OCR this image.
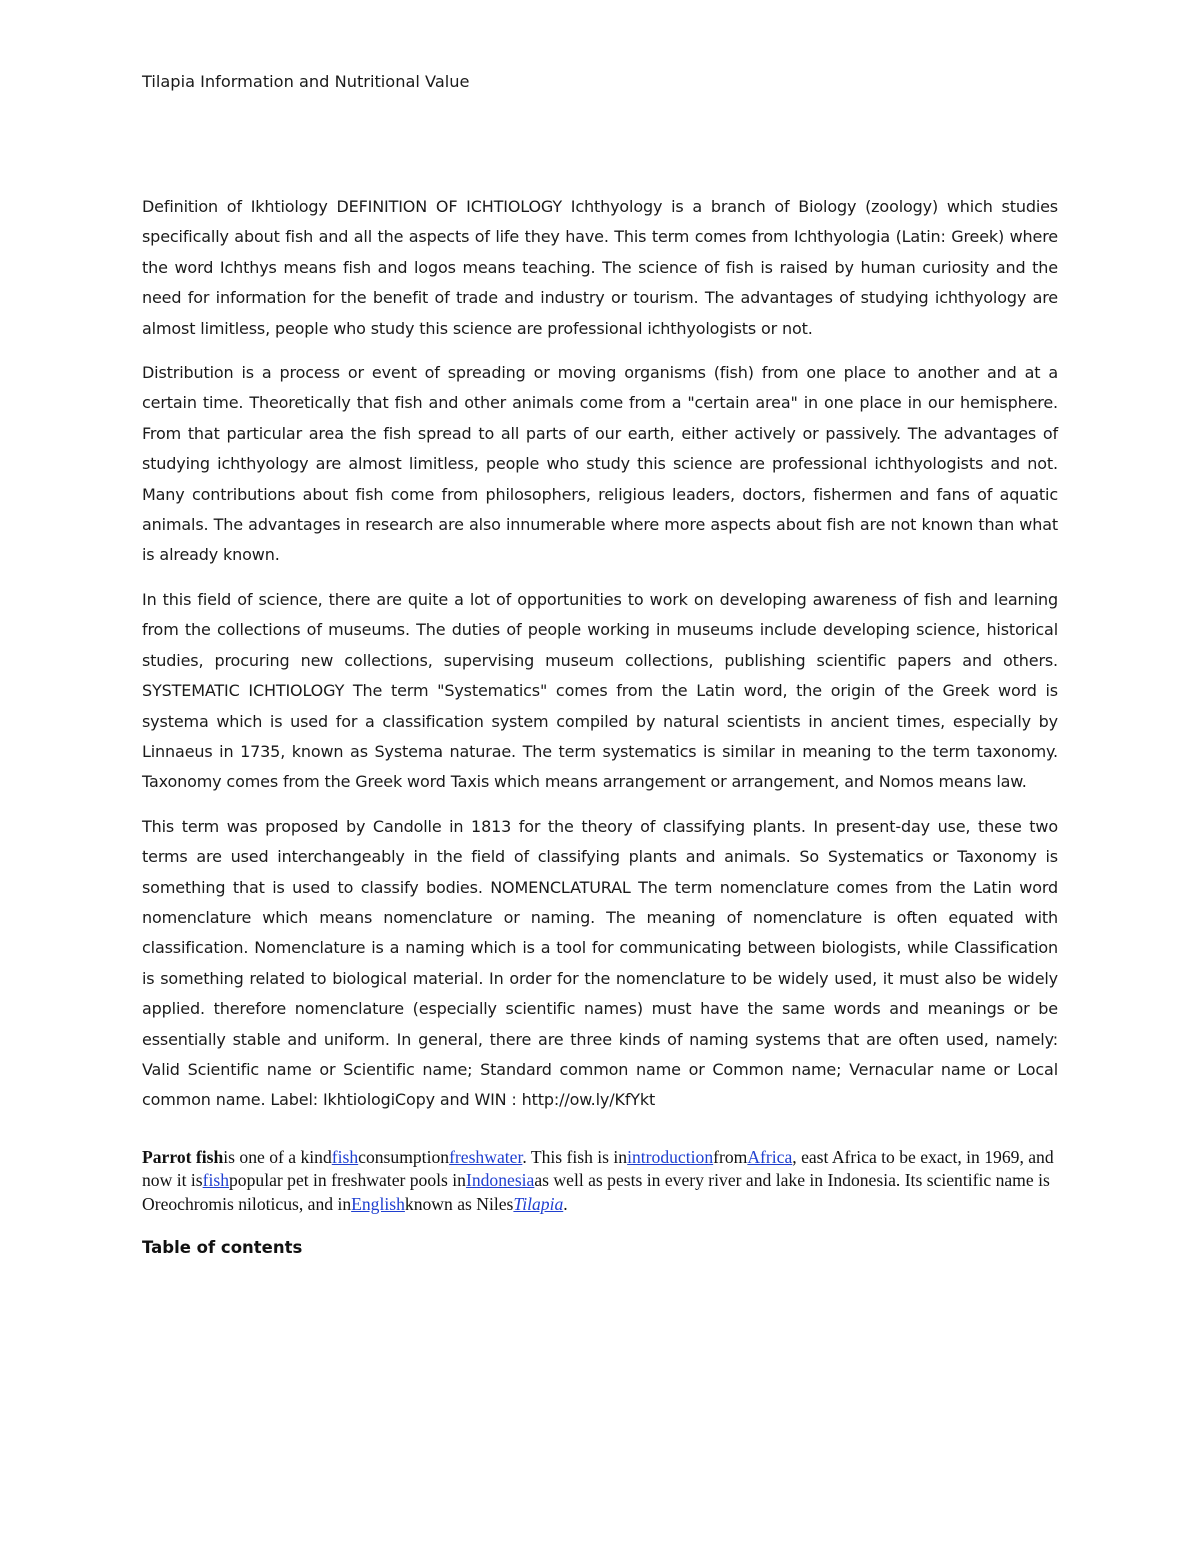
Tilapia Information and Nutritional Value

Definition of Ikhtiology DEFINITION OF ICHTIOLOGY Ichthyology is a branch of Biology (zoology) which studies specifically about fish and all the aspects of life they have. This term comes from Ichthyologia (Latin: Greek) where the word Ichthys means fish and logos means teaching. The science of fish is raised by human curiosity and the need for information for the benefit of trade and industry or tourism. The advantages of studying ichthyology are almost limitless, people who study this science are professional ichthyologists or not.

Distribution is a process or event of spreading or moving organisms (fish) from one place to another and at a certain time. Theoretically that fish and other animals come from a "certain area" in one place in our hemisphere. From that particular area the fish spread to all parts of our earth, either actively or passively. The advantages of studying ichthyology are almost limitless, people who study this science are professional ichthyologists and not. Many contributions about fish come from philosophers, religious leaders, doctors, fishermen and fans of aquatic animals. The advantages in research are also innumerable where more aspects about fish are not known than what is already known.

In this field of science, there are quite a lot of opportunities to work on developing awareness of fish and learning from the collections of museums. The duties of people working in museums include developing science, historical studies, procuring new collections, supervising museum collections, publishing scientific papers and others. SYSTEMATIC ICHTIOLOGY The term "Systematics" comes from the Latin word, the origin of the Greek word is systema which is used for a classification system compiled by natural scientists in ancient times, especially by Linnaeus in 1735, known as Systema naturae. The term systematics is similar in meaning to the term taxonomy. Taxonomy comes from the Greek word Taxis which means arrangement or arrangement, and Nomos means law.

This term was proposed by Candolle in 1813 for the theory of classifying plants. In present-day use, these two terms are used interchangeably in the field of classifying plants and animals. So Systematics or Taxonomy is something that is used to classify bodies. NOMENCLATURAL The term nomenclature comes from the Latin word nomenclature which means nomenclature or naming. The meaning of nomenclature is often equated with classification. Nomenclature is a naming which is a tool for communicating between biologists, while Classification is something related to biological material. In order for the nomenclature to be widely used, it must also be widely applied. therefore nomenclature (especially scientific names) must have the same words and meanings or be essentially stable and uniform. In general, there are three kinds of naming systems that are often used, namely: Valid Scientific name or Scientific name; Standard common name or Common name; Vernacular name or Local common name. Label: IkhtiologiCopy and WIN : http://ow.ly/KfYkt

Parrot fishis one of a kindfishconsumptionfreshwater. This fish is inintroductionfromAfrica, east Africa to be exact, in 1969, and now it isfishpopular pet in freshwater pools inIndonesiaas well as pests in every river and lake in Indonesia. Its scientific name is Oreochromis niloticus, and inEnglishknown as NilesTilapia.

Table of contents
